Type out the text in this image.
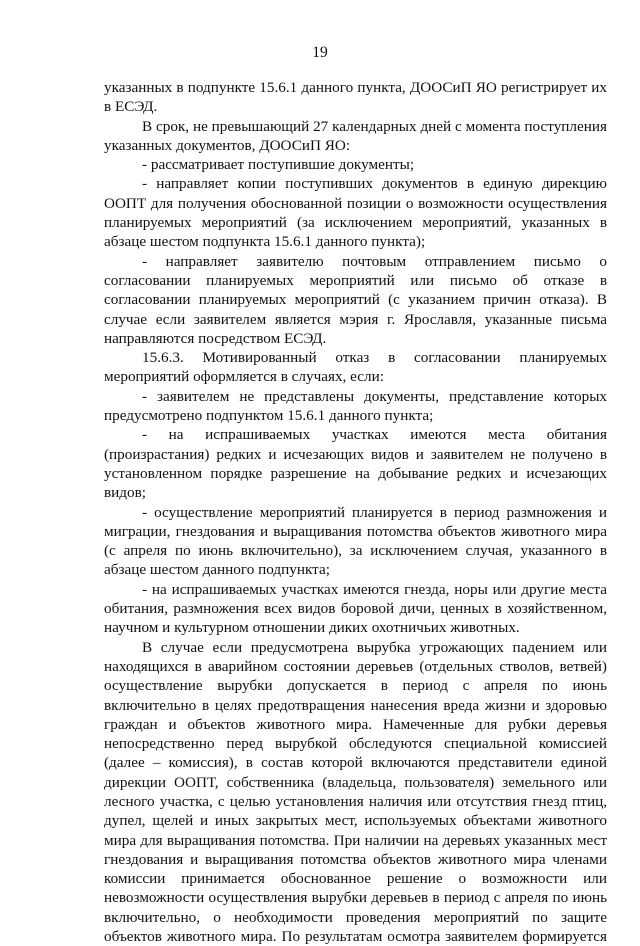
19

указанных в подпункте 15.6.1 данного пункта, ДООСиП ЯО регистрирует их в ЕСЭД.

В срок, не превышающий 27 календарных дней с момента поступления указанных документов, ДООСиП ЯО:

- рассматривает поступившие документы;

- направляет копии поступивших документов в единую дирекцию ООПТ для получения обоснованной позиции о возможности осуществления планируемых мероприятий (за исключением мероприятий, указанных в абзаце шестом подпункта 15.6.1 данного пункта);

- направляет заявителю почтовым отправлением письмо о согласовании планируемых мероприятий или письмо об отказе в согласовании планируемых мероприятий (с указанием причин отказа). В случае если заявителем является мэрия г. Ярославля, указанные письма направляются посредством ЕСЭД.

15.6.3. Мотивированный отказ в согласовании планируемых мероприятий оформляется в случаях, если:

- заявителем не представлены документы, представление которых предусмотрено подпунктом 15.6.1 данного пункта;

- на испрашиваемых участках имеются места обитания (произрастания) редких и исчезающих видов и заявителем не получено в установленном порядке разрешение на добывание редких и исчезающих видов;

- осуществление мероприятий планируется в период размножения и миграции, гнездования и выращивания потомства объектов животного мира (с апреля по июнь включительно), за исключением случая, указанного в абзаце шестом данного подпункта;

- на испрашиваемых участках имеются гнезда, норы или другие места обитания, размножения всех видов боровой дичи, ценных в хозяйственном, научном и культурном отношении диких охотничьих животных.

В случае если предусмотрена вырубка угрожающих падением или находящихся в аварийном состоянии деревьев (отдельных стволов, ветвей) осуществление вырубки допускается в период с апреля по июнь включительно в целях предотвращения нанесения вреда жизни и здоровью граждан и объектов животного мира. Намеченные для рубки деревья непосредственно перед вырубкой обследуются специальной комиссией (далее – комиссия), в состав которой включаются представители единой дирекции ООПТ, собственника (владельца, пользователя) земельного или лесного участка, с целью установления наличия или отсутствия гнезд птиц, дупел, щелей и иных закрытых мест, используемых объектами животного мира для выращивания потомства. При наличии на деревьях указанных мест гнездования и выращивания потомства объектов животного мира членами комиссии принимается обоснованное решение о возможности или невозможности осуществления вырубки деревьев в период с апреля по июнь включительно, о необходимости проведения мероприятий по защите объектов животного мира. По результатам осмотра заявителем формируется
